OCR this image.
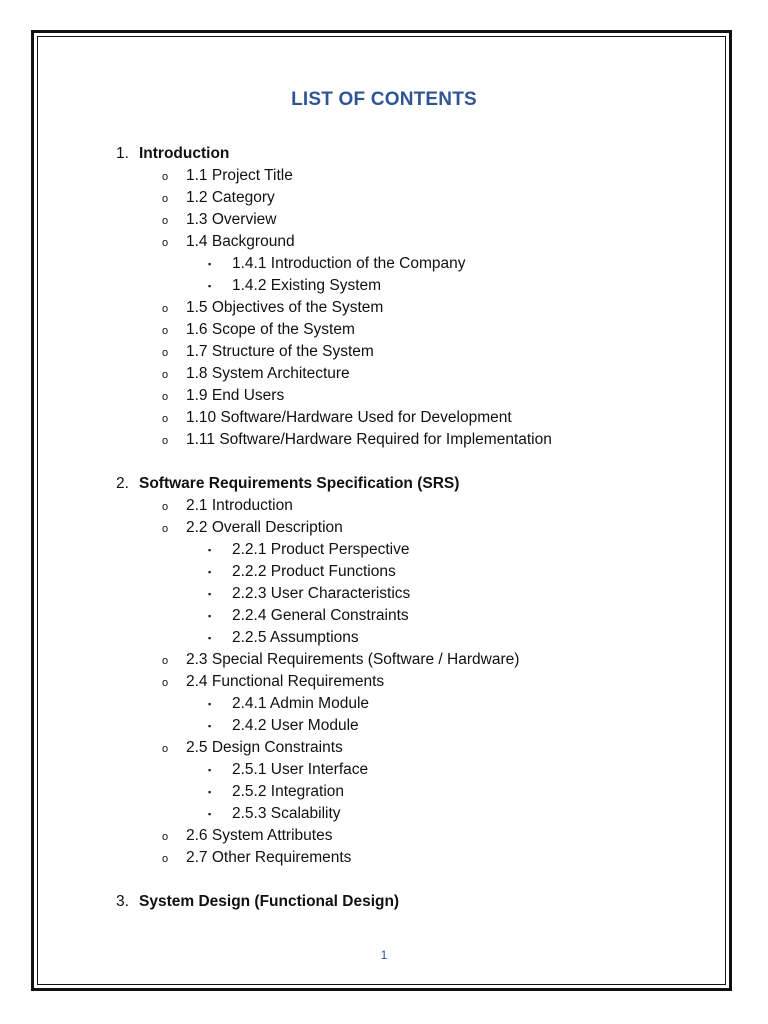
LIST OF CONTENTS
1. Introduction
o 1.1 Project Title
o 1.2 Category
o 1.3 Overview
o 1.4 Background
▪ 1.4.1 Introduction of the Company
▪ 1.4.2 Existing System
o 1.5 Objectives of the System
o 1.6 Scope of the System
o 1.7 Structure of the System
o 1.8 System Architecture
o 1.9 End Users
o 1.10 Software/Hardware Used for Development
o 1.11 Software/Hardware Required for Implementation
2. Software Requirements Specification (SRS)
o 2.1 Introduction
o 2.2 Overall Description
▪ 2.2.1 Product Perspective
▪ 2.2.2 Product Functions
▪ 2.2.3 User Characteristics
▪ 2.2.4 General Constraints
▪ 2.2.5 Assumptions
o 2.3 Special Requirements (Software / Hardware)
o 2.4 Functional Requirements
▪ 2.4.1 Admin Module
▪ 2.4.2 User Module
o 2.5 Design Constraints
▪ 2.5.1 User Interface
▪ 2.5.2 Integration
▪ 2.5.3 Scalability
o 2.6 System Attributes
o 2.7 Other Requirements
3. System Design (Functional Design)
1
